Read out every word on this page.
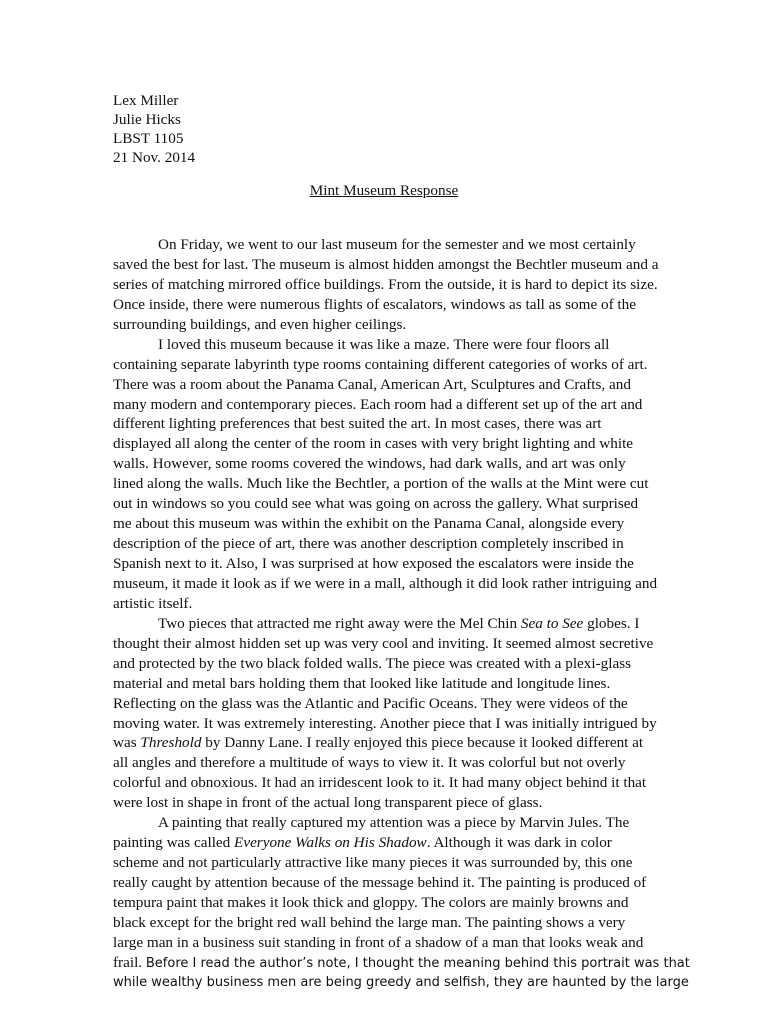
Lex Miller
Julie Hicks
LBST 1105
21 Nov. 2014
Mint Museum Response
On Friday, we went to our last museum for the semester and we most certainly
saved the best for last. The museum is almost hidden amongst the Bechtler museum and a
series of matching mirrored office buildings. From the outside, it is hard to depict its size.
Once inside, there were numerous flights of escalators, windows as tall as some of the
surrounding buildings, and even higher ceilings.
I loved this museum because it was like a maze. There were four floors all
containing separate labyrinth type rooms containing different categories of works of art.
There was a room about the Panama Canal, American Art, Sculptures and Crafts, and
many modern and contemporary pieces. Each room had a different set up of the art and
different lighting preferences that best suited the art. In most cases, there was art
displayed all along the center of the room in cases with very bright lighting and white
walls. However, some rooms covered the windows, had dark walls, and art was only
lined along the walls. Much like the Bechtler, a portion of the walls at the Mint were cut
out in windows so you could see what was going on across the gallery. What surprised
me about this museum was within the exhibit on the Panama Canal, alongside every
description of the piece of art, there was another description completely inscribed in
Spanish next to it. Also, I was surprised at how exposed the escalators were inside the
museum, it made it look as if we were in a mall, although it did look rather intriguing and
artistic itself.
Two pieces that attracted me right away were the Mel Chin Sea to See globes. I
thought their almost hidden set up was very cool and inviting. It seemed almost secretive
and protected by the two black folded walls. The piece was created with a plexi-glass
material and metal bars holding them that looked like latitude and longitude lines.
Reflecting on the glass was the Atlantic and Pacific Oceans. They were videos of the
moving water. It was extremely interesting. Another piece that I was initially intrigued by
was Threshold by Danny Lane. I really enjoyed this piece because it looked different at
all angles and therefore a multitude of ways to view it. It was colorful but not overly
colorful and obnoxious. It had an irridescent look to it. It had many object behind it that
were lost in shape in front of the actual long transparent piece of glass.
A painting that really captured my attention was a piece by Marvin Jules. The
painting was called Everyone Walks on His Shadow. Although it was dark in color
scheme and not particularly attractive like many pieces it was surrounded by, this one
really caught by attention because of the message behind it. The painting is produced of
tempura paint that makes it look thick and gloppy. The colors are mainly browns and
black except for the bright red wall behind the large man. The painting shows a very
large man in a business suit standing in front of a shadow of a man that looks weak and
frail. Before I read the author’s note, I thought the meaning behind this portrait was that
while wealthy business men are being greedy and selfish, they are haunted by the large
